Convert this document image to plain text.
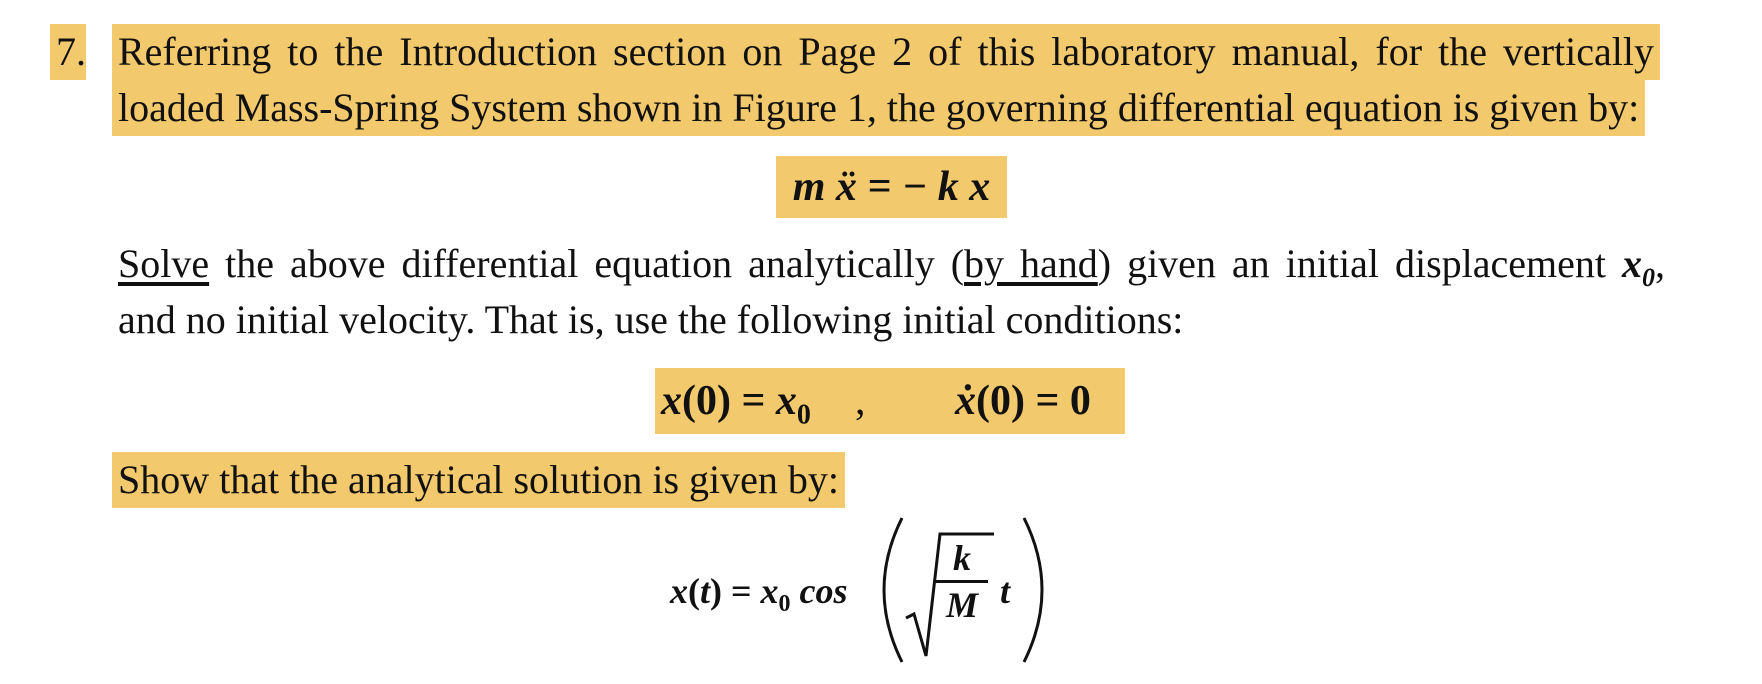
7. Referring to the Introduction section on Page 2 of this laboratory manual, for the vertically
loaded Mass-Spring System shown in Figure 1, the governing differential equation is given by:
m ẍ = − k x
Solve the above differential equation analytically (by hand) given an initial displacement $x_0$,
and no initial velocity. That is, use the following initial conditions:
$x(0) = x_0$ , ẋ(0) = 0
Show that the analytical solution is given by:
$x(t) = x_0$ cos
k
M t
